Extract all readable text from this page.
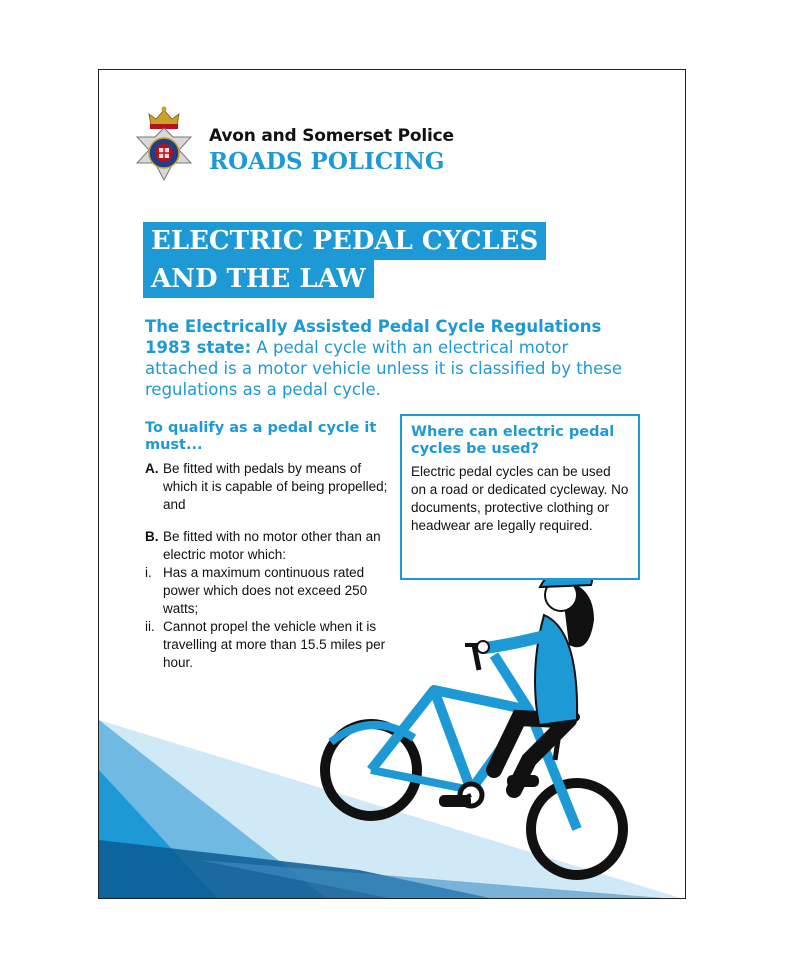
Avon and Somerset Police
ROADS POLICING
ELECTRIC PEDAL CYCLES
AND THE LAW
The Electrically Assisted Pedal Cycle Regulations 1983 state: A pedal cycle with an electrical motor attached is a motor vehicle unless it is classified by these regulations as a pedal cycle.
To qualify as a pedal cycle it must...
A. Be fitted with pedals by means of which it is capable of being propelled; and
B. Be fitted with no motor other than an electric motor which:
i. Has a maximum continuous rated power which does not exceed 250 watts;
ii. Cannot propel the vehicle when it is travelling at more than 15.5 miles per hour.
Where can electric pedal cycles be used?
Electric pedal cycles can be used on a road or dedicated cycleway. No documents, protective clothing or headwear are legally required.
